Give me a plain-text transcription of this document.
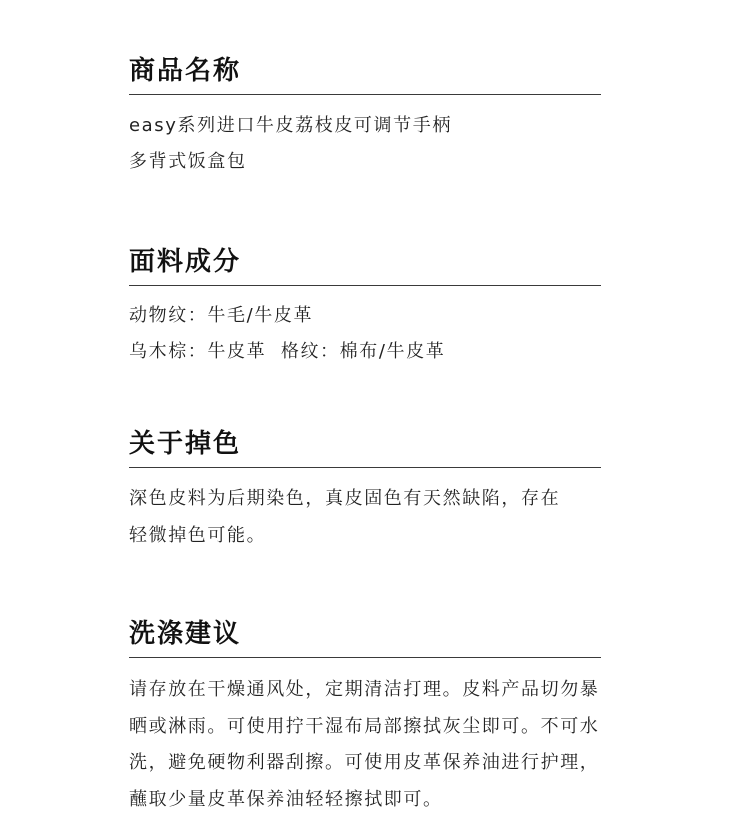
商品名称

easy系列进口牛皮荔枝皮可调节手柄

多背式饭盒包

面料成分

动物纹：牛毛/牛皮革

乌木棕：牛皮革  格纹：棉布/牛皮革

关于掉色

深色皮料为后期染色，真皮固色有天然缺陷，存在

轻微掉色可能。

洗涤建议

请存放在干燥通风处，定期清洁打理。皮料产品切勿暴

晒或淋雨。可使用拧干湿布局部擦拭灰尘即可。不可水

洗，避免硬物利器刮擦。可使用皮革保养油进行护理，

蘸取少量皮革保养油轻轻擦拭即可。
